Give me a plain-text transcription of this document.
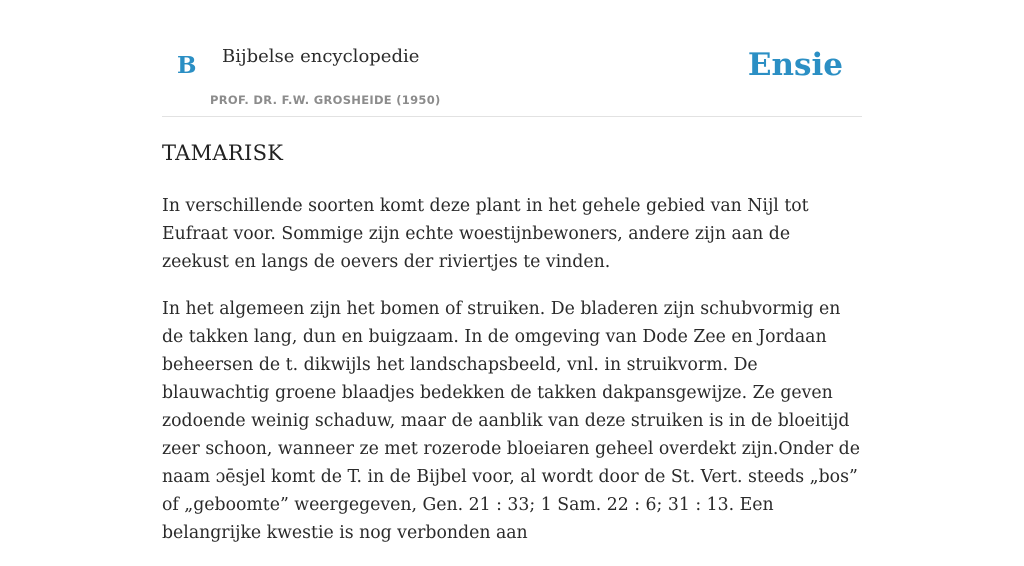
B Bijbelse encyclopedie
PROF. DR. F.W. GROSHEIDE (1950)
Ensie
TAMARISK

In verschillende soorten komt deze plant in het gehele gebied van Nijl tot Eufraat voor. Sommige zijn echte woestijnbewoners, andere zijn aan de zeekust en langs de oevers der riviertjes te vinden.

In het algemeen zijn het bomen of struiken. De bladeren zijn schubvormig en de takken lang, dun en buigzaam. In de omgeving van Dode Zee en Jordaan beheersen de t. dikwijls het landschapsbeeld, vnl. in struikvorm. De blauwachtig groene blaadjes bedekken de takken dakpansgewijze. Ze geven zodoende weinig schaduw, maar de aanblik van deze struiken is in de bloeitijd zeer schoon, wanneer ze met rozerode bloeiaren geheel overdekt zijn.Onder de naam ɔēsjel komt de T. in de Bijbel voor, al wordt door de St. Vert. steeds „bos” of „geboomte” weergegeven, Gen. 21 : 33; 1 Sam. 22 : 6; 31 : 13. Een belangrijke kwestie is nog verbonden aan
